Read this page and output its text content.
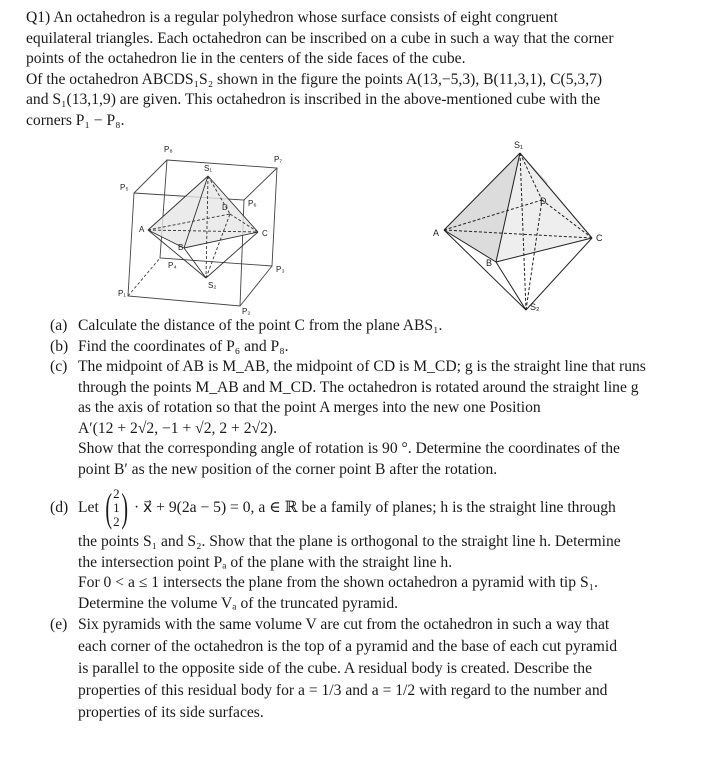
Q1) An octahedron is a regular polyhedron whose surface consists of eight congruent
equilateral triangles. Each octahedron can be inscribed on a cube in such a way that the corner
points of the octahedron lie in the centers of the side faces of the cube.
Of the octahedron ABCDS₁S₂ shown in the figure the points A(13,−5,3), B(11,3,1), C(5,3,7)
and S₁(13,1,9) are given. This octahedron is inscribed in the above-mentioned cube with the
corners P₁ − P₈.
P₈
P₇
P₅
S₁
P₆
D
A	C
B
P₄	P₃
S₂
P₁
P₂
S₁
D
A	C
B
S₂
(a) Calculate the distance of the point C from the plane ABS₁.
(b) Find the coordinates of P₆ and P₈.
(c) The midpoint of AB is M_AB, the midpoint of CD is M_CD; g is the straight line that runs
through the points M_AB and M_CD. The octahedron is rotated around the straight line g
as the axis of rotation so that the point A merges into the new one Position
A′(12 + 2√2, −1 + √2, 2 + 2√2).
Show that the corresponding angle of rotation is 90 °. Determine the coordinates of the
point B′ as the new position of the corner point B after the rotation.
(d) Let ( 2
1
2 ) · x⃗ + 9(2a − 5) = 0, a ∈ ℝ be a family of planes; h is the straight line through
the points S₁ and S₂. Show that the plane is orthogonal to the straight line h. Determine
the intersection point Pₐ of the plane with the straight line h.
For 0 < a ≤ 1 intersects the plane from the shown octahedron a pyramid with tip S₁.
Determine the volume Vₐ of the truncated pyramid.
(e) Six pyramids with the same volume V are cut from the octahedron in such a way that
each corner of the octahedron is the top of a pyramid and the base of each cut pyramid
is parallel to the opposite side of the cube. A residual body is created. Describe the
properties of this residual body for a = 1/3 and a = 1/2 with regard to the number and
properties of its side surfaces.
